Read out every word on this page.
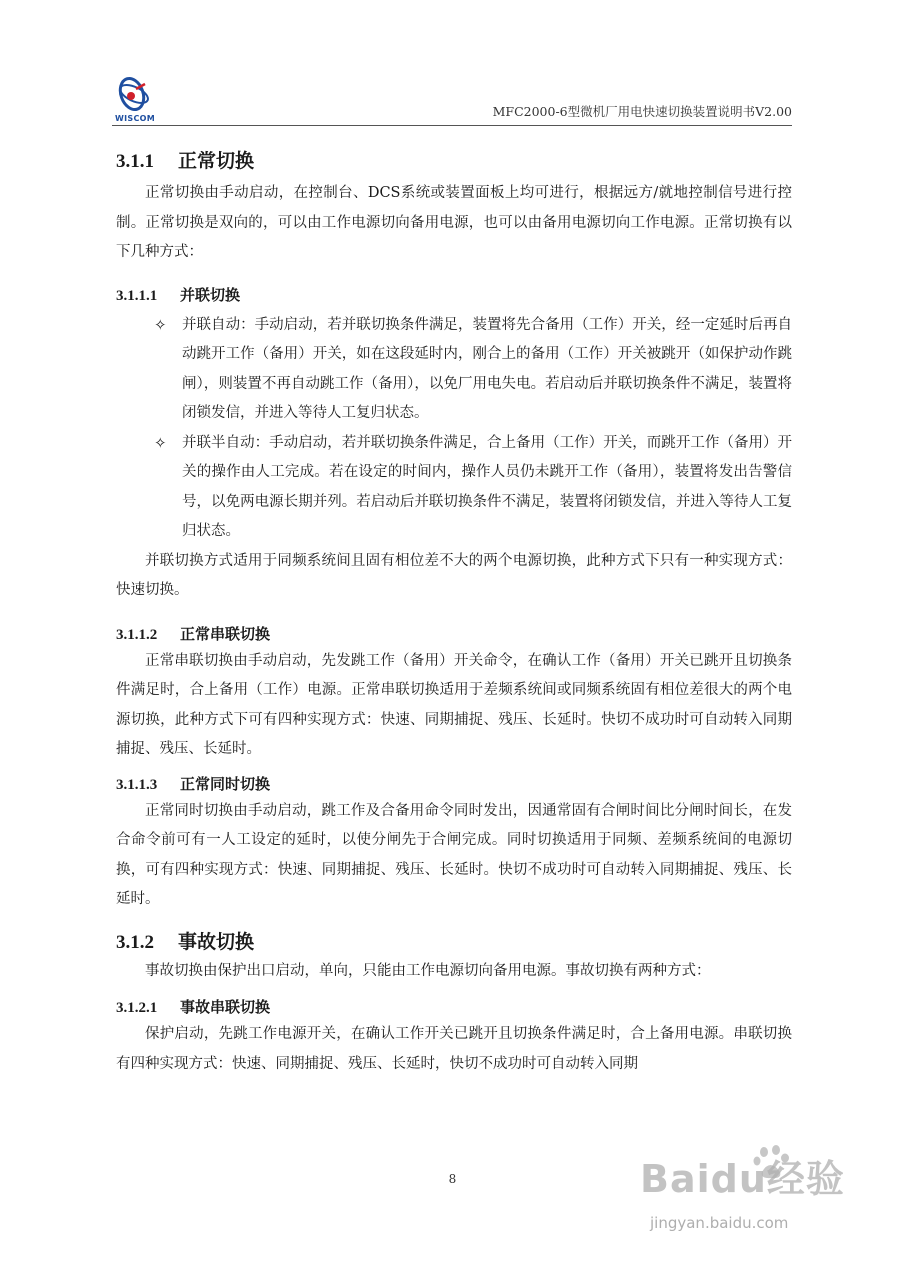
WISCOM	MFC2000-6型微机厂用电快速切换装置说明书V2.00
3.1.1 正常切换

正常切换由手动启动，在控制台、DCS系统或装置面板上均可进行，根据远方/就地控制信号进行控制。正常切换是双向的，可以由工作电源切向备用电源，也可以由备用电源切向工作电源。正常切换有以下几种方式：

3.1.1.1 并联切换
✧ 并联自动：手动启动，若并联切换条件满足，装置将先合备用（工作）开关，经一定延时后再自动跳开工作（备用）开关，如在这段延时内，刚合上的备用（工作）开关被跳开（如保护动作跳闸），则装置不再自动跳工作（备用），以免厂用电失电。若启动后并联切换条件不满足，装置将闭锁发信，并进入等待人工复归状态。
✧ 并联半自动：手动启动，若并联切换条件满足，合上备用（工作）开关，而跳开工作（备用）开关的操作由人工完成。若在设定的时间内，操作人员仍未跳开工作（备用），装置将发出告警信号，以免两电源长期并列。若启动后并联切换条件不满足，装置将闭锁发信，并进入等待人工复归状态。

并联切换方式适用于同频系统间且固有相位差不大的两个电源切换，此种方式下只有一种实现方式：快速切换。

3.1.1.2 正常串联切换

正常串联切换由手动启动，先发跳工作（备用）开关命令，在确认工作（备用）开关已跳开且切换条件满足时，合上备用（工作）电源。正常串联切换适用于差频系统间或同频系统固有相位差很大的两个电源切换，此种方式下可有四种实现方式：快速、同期捕捉、残压、长延时。快切不成功时可自动转入同期捕捉、残压、长延时。

3.1.1.3 正常同时切换

正常同时切换由手动启动，跳工作及合备用命令同时发出，因通常固有合闸时间比分闸时间长，在发合命令前可有一人工设定的延时，以使分闸先于合闸完成。同时切换适用于同频、差频系统间的电源切换，可有四种实现方式：快速、同期捕捉、残压、长延时。快切不成功时可自动转入同期捕捉、残压、长延时。

3.1.2 事故切换

事故切换由保护出口启动，单向，只能由工作电源切向备用电源。事故切换有两种方式：

3.1.2.1 事故串联切换

保护启动，先跳工作电源开关，在确认工作开关已跳开且切换条件满足时，合上备用电源。串联切换有四种实现方式：快速、同期捕捉、残压、长延时，快切不成功时可自动转入同期

8	Baidu经验
jingyan.baidu.com
